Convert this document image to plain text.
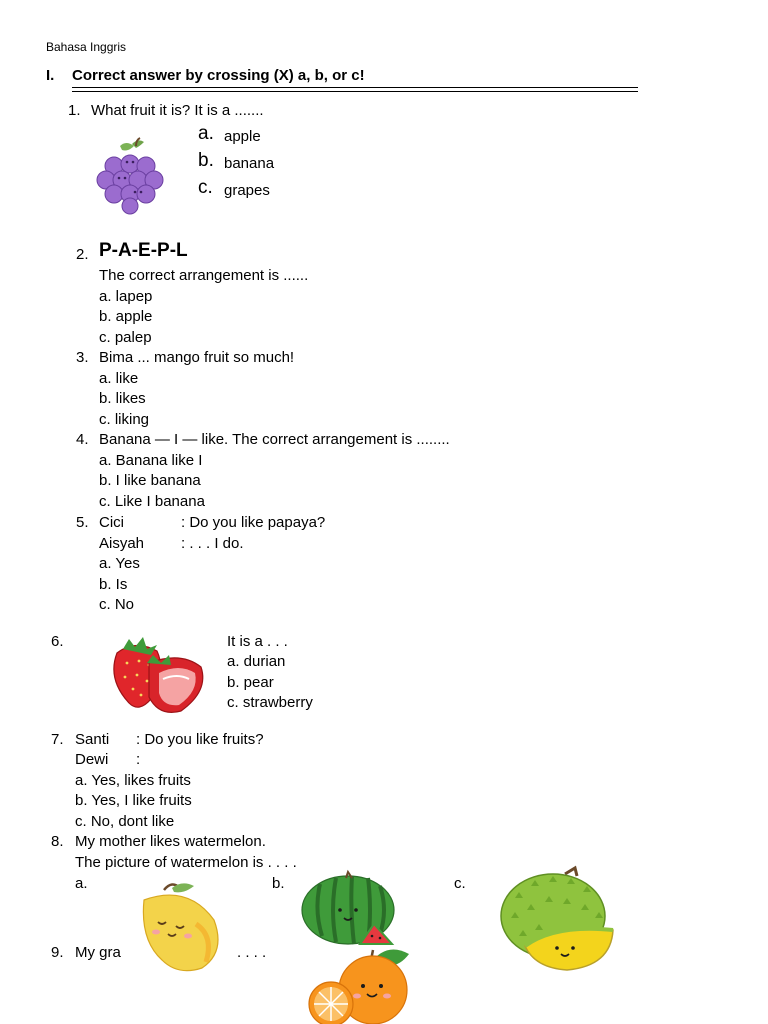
Bahasa Inggris
I. Correct answer by crossing (X) a, b, or c!
1. What fruit it is? It is a .......
a. apple
b. banana
c. grapes
2. P-A-E-P-L
The correct arrangement is ......
a. lapep
b. apple
c. palep
3. Bima ... mango fruit so much!
a. like
b. likes
c. liking
4. Banana — I — like. The correct arrangement is ........
a. Banana like I
b. I like banana
c. Like I banana
5. Cici	: Do you like papaya?
Aisyah : . . . I do.
a. Yes
b. Is
c. No
6.	It is a . . .
a. durian
b. pear
c. strawberry
7. Santi : Do you like fruits?
Dewi :
a. Yes, likes fruits
b. Yes, I like fruits
c. No, dont like
8. My mother likes watermelon.
The picture of watermelon is . . . .
a.	b.	c.
9. My gra	. . . .
